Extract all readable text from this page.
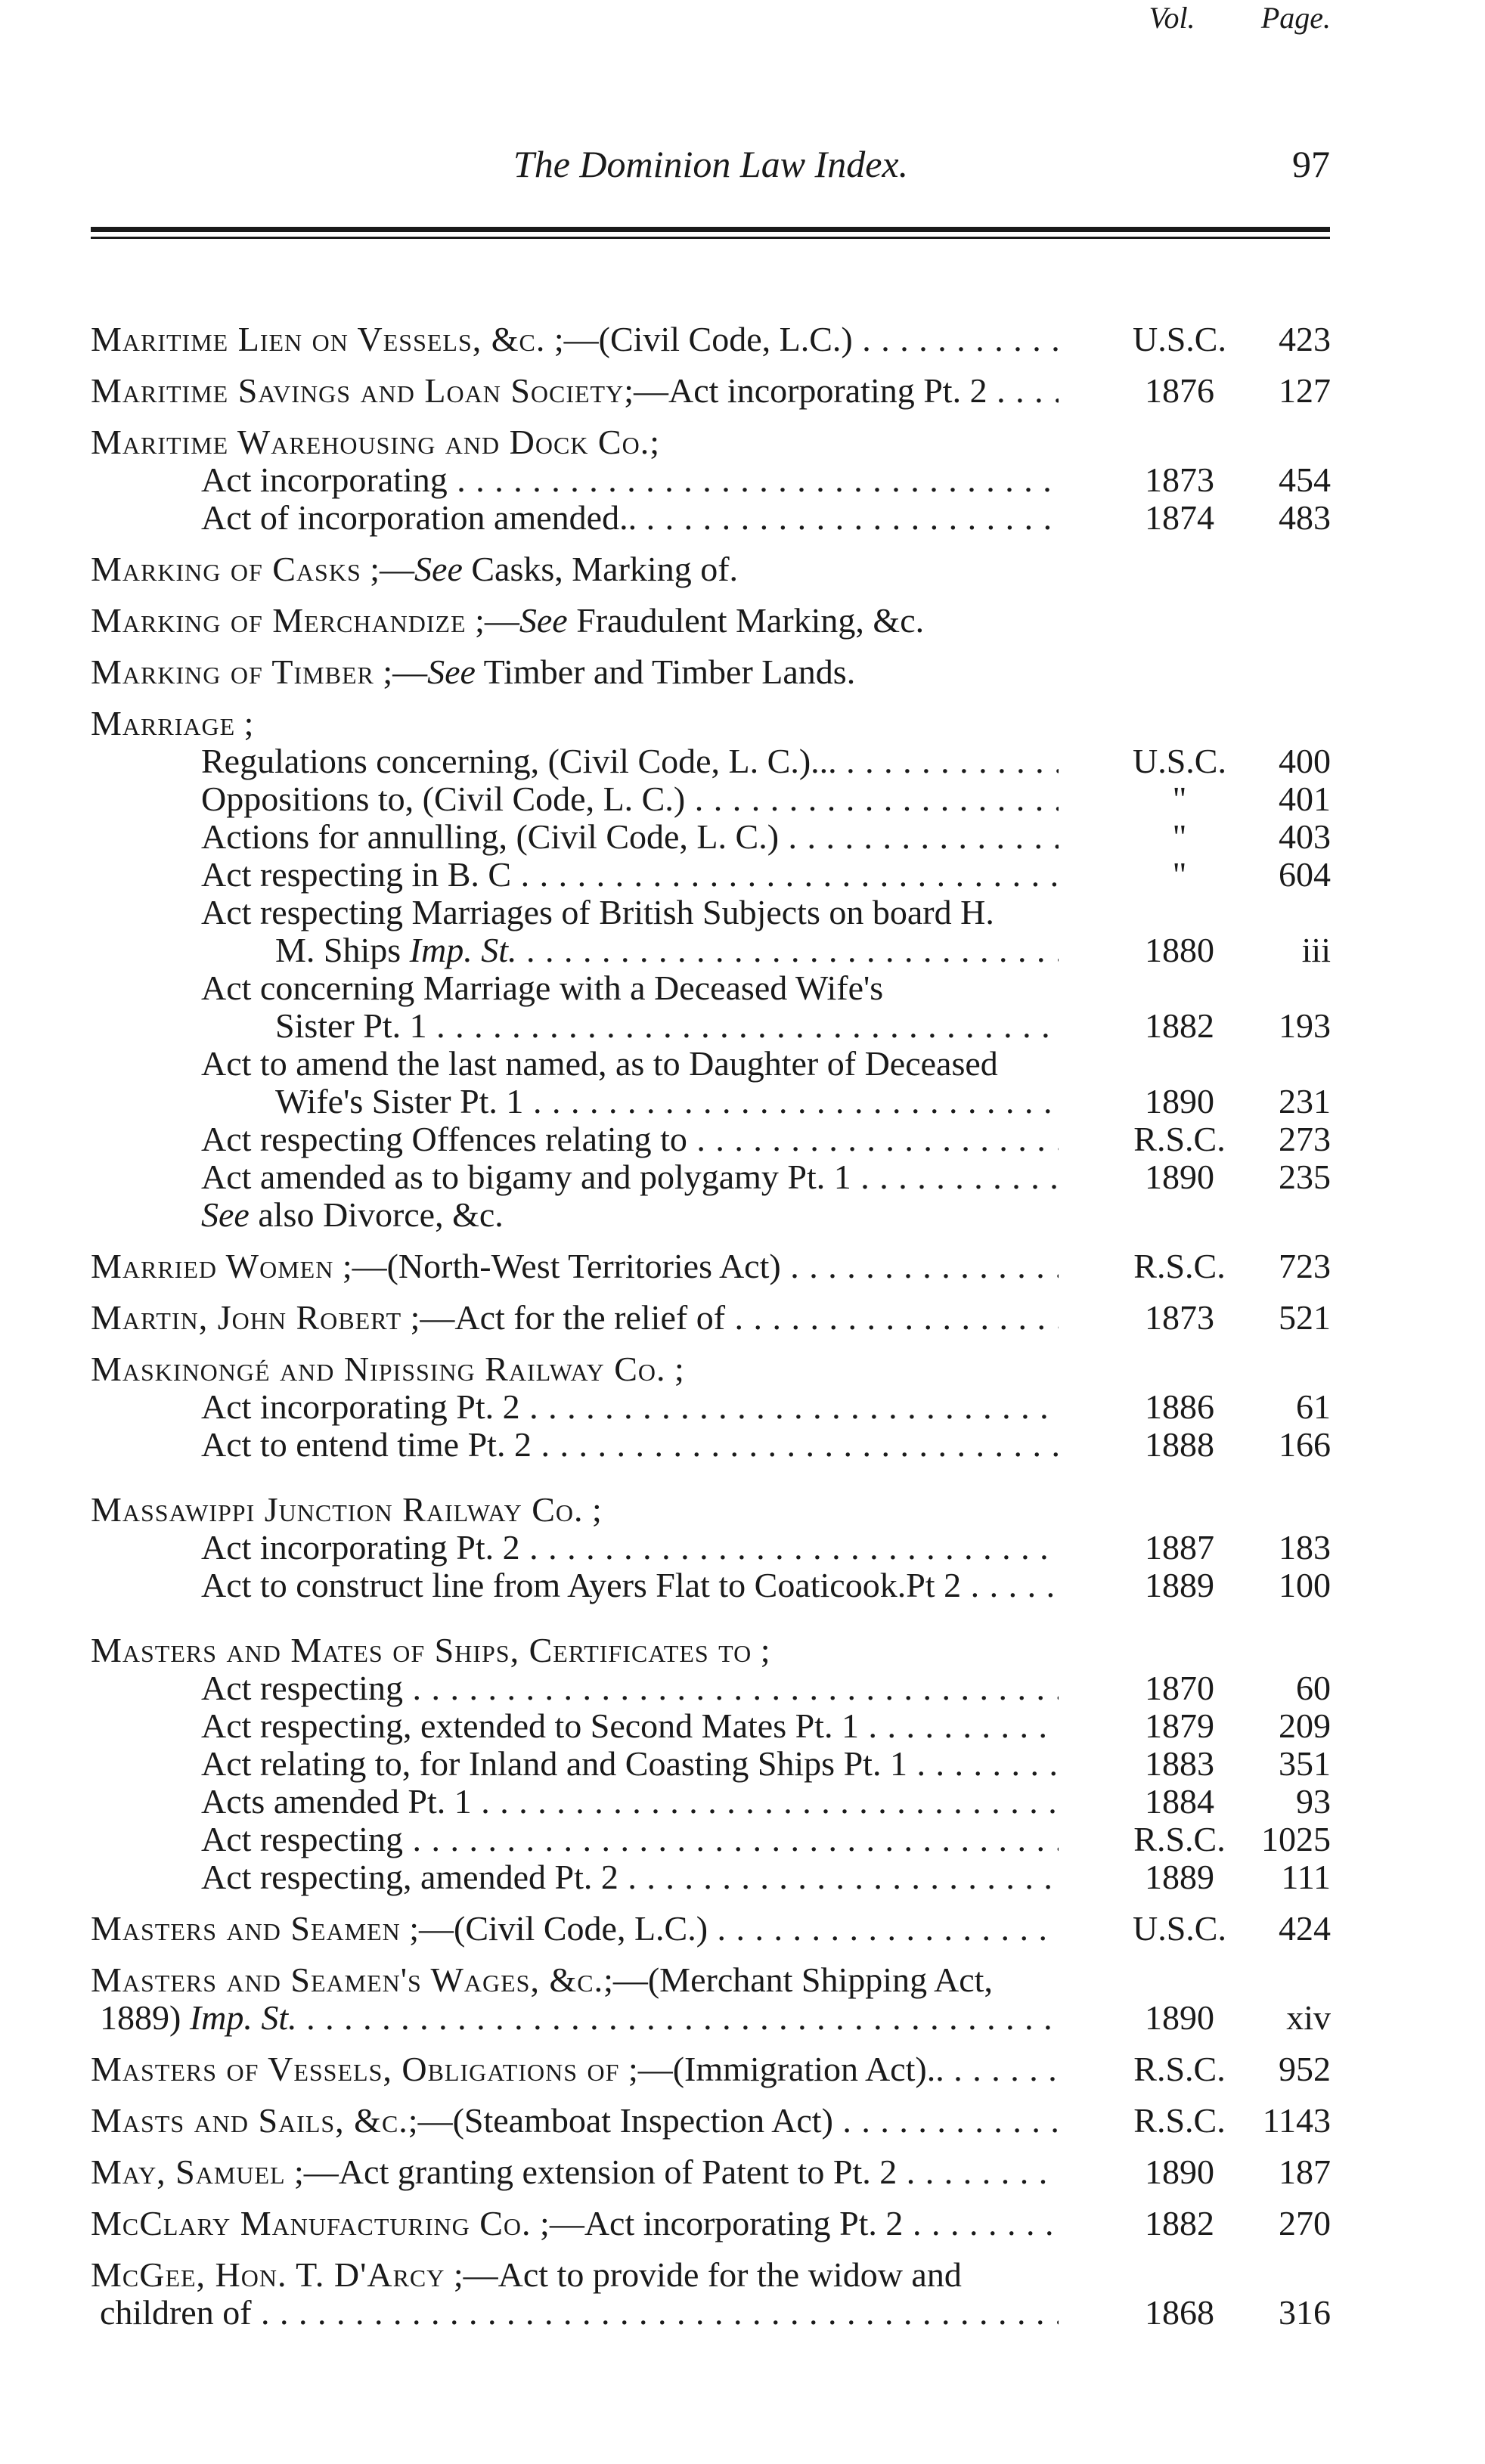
The Dominion Law Index.	97
Vol.	Page.
Maritime Lien on Vessels, &c. ;—(Civil Code, L.C.) . . .	U.S.C.	423
Maritime Savings and Loan Society;—Act incorporating Pt. 2 . . .	1876	127
Maritime Warehousing and Dock Co.;
Act incorporating . . .	1873	454
Act of incorporation amended.. . . .	1874	483
Marking of Casks ;—See Casks, Marking of.
Marking of Merchandize ;—See Fraudulent Marking, &c.
Marking of Timber ;—See Timber and Timber Lands.
Marriage ;
Regulations concerning, (Civil Code, L. C.)... . . .	U.S.C.	400
Oppositions to, (Civil Code, L. C.) . . .	"	401
Actions for annulling, (Civil Code, L. C.) . . .	"	403
Act respecting in B. C . . .	"	604
Act respecting Marriages of British Subjects on board H.
M. Ships Imp. St. . . .	1880	iii
Act concerning Marriage with a Deceased Wife's
Sister Pt. 1 . . .	1882	193
Act to amend the last named, as to Daughter of Deceased
Wife's Sister Pt. 1 . . .	1890	231
Act respecting Offences relating to . . .	R.S.C.	273
Act amended as to bigamy and polygamy Pt. 1 . . .	1890	235
See also Divorce, &c.
Married Women ;—(North-West Territories Act) . . .	R.S.C.	723
Martin, John Robert ;—Act for the relief of . . .	1873	521
Maskinongé and Nipissing Railway Co. ;
Act incorporating Pt. 2 . . .	1886	61
Act to entend time Pt. 2 . . .	1888	166
Massawippi Junction Railway Co. ;
Act incorporating Pt. 2 . . .	1887	183
Act to construct line from Ayers Flat to Coaticook.Pt 2 . . .	1889	100
Masters and Mates of Ships, Certificates to ;
Act respecting . . .	1870	60
Act respecting, extended to Second Mates Pt. 1 . . .	1879	209
Act relating to, for Inland and Coasting Ships Pt. 1 . . .	1883	351
Acts amended Pt. 1 . . .	1884	93
Act respecting . . .	R.S.C.	1025
Act respecting, amended Pt. 2 . . .	1889	111
Masters and Seamen ;—(Civil Code, L.C.) . . .	U.S.C.	424
Masters and Seamen's Wages, &c.;—(Merchant Shipping Act,
1889) Imp. St. . . .	1890	xiv
Masters of Vessels, Obligations of ;—(Immigration Act).. . . .	R.S.C.	952
Masts and Sails, &c.;—(Steamboat Inspection Act) . . .	R.S.C.	1143
May, Samuel ;—Act granting extension of Patent to Pt. 2 . . .	1890	187
McClary Manufacturing Co. ;—Act incorporating Pt. 2 . . .	1882	270
McGee, Hon. T. D'Arcy ;—Act to provide for the widow and
children of . . .	1868	316
